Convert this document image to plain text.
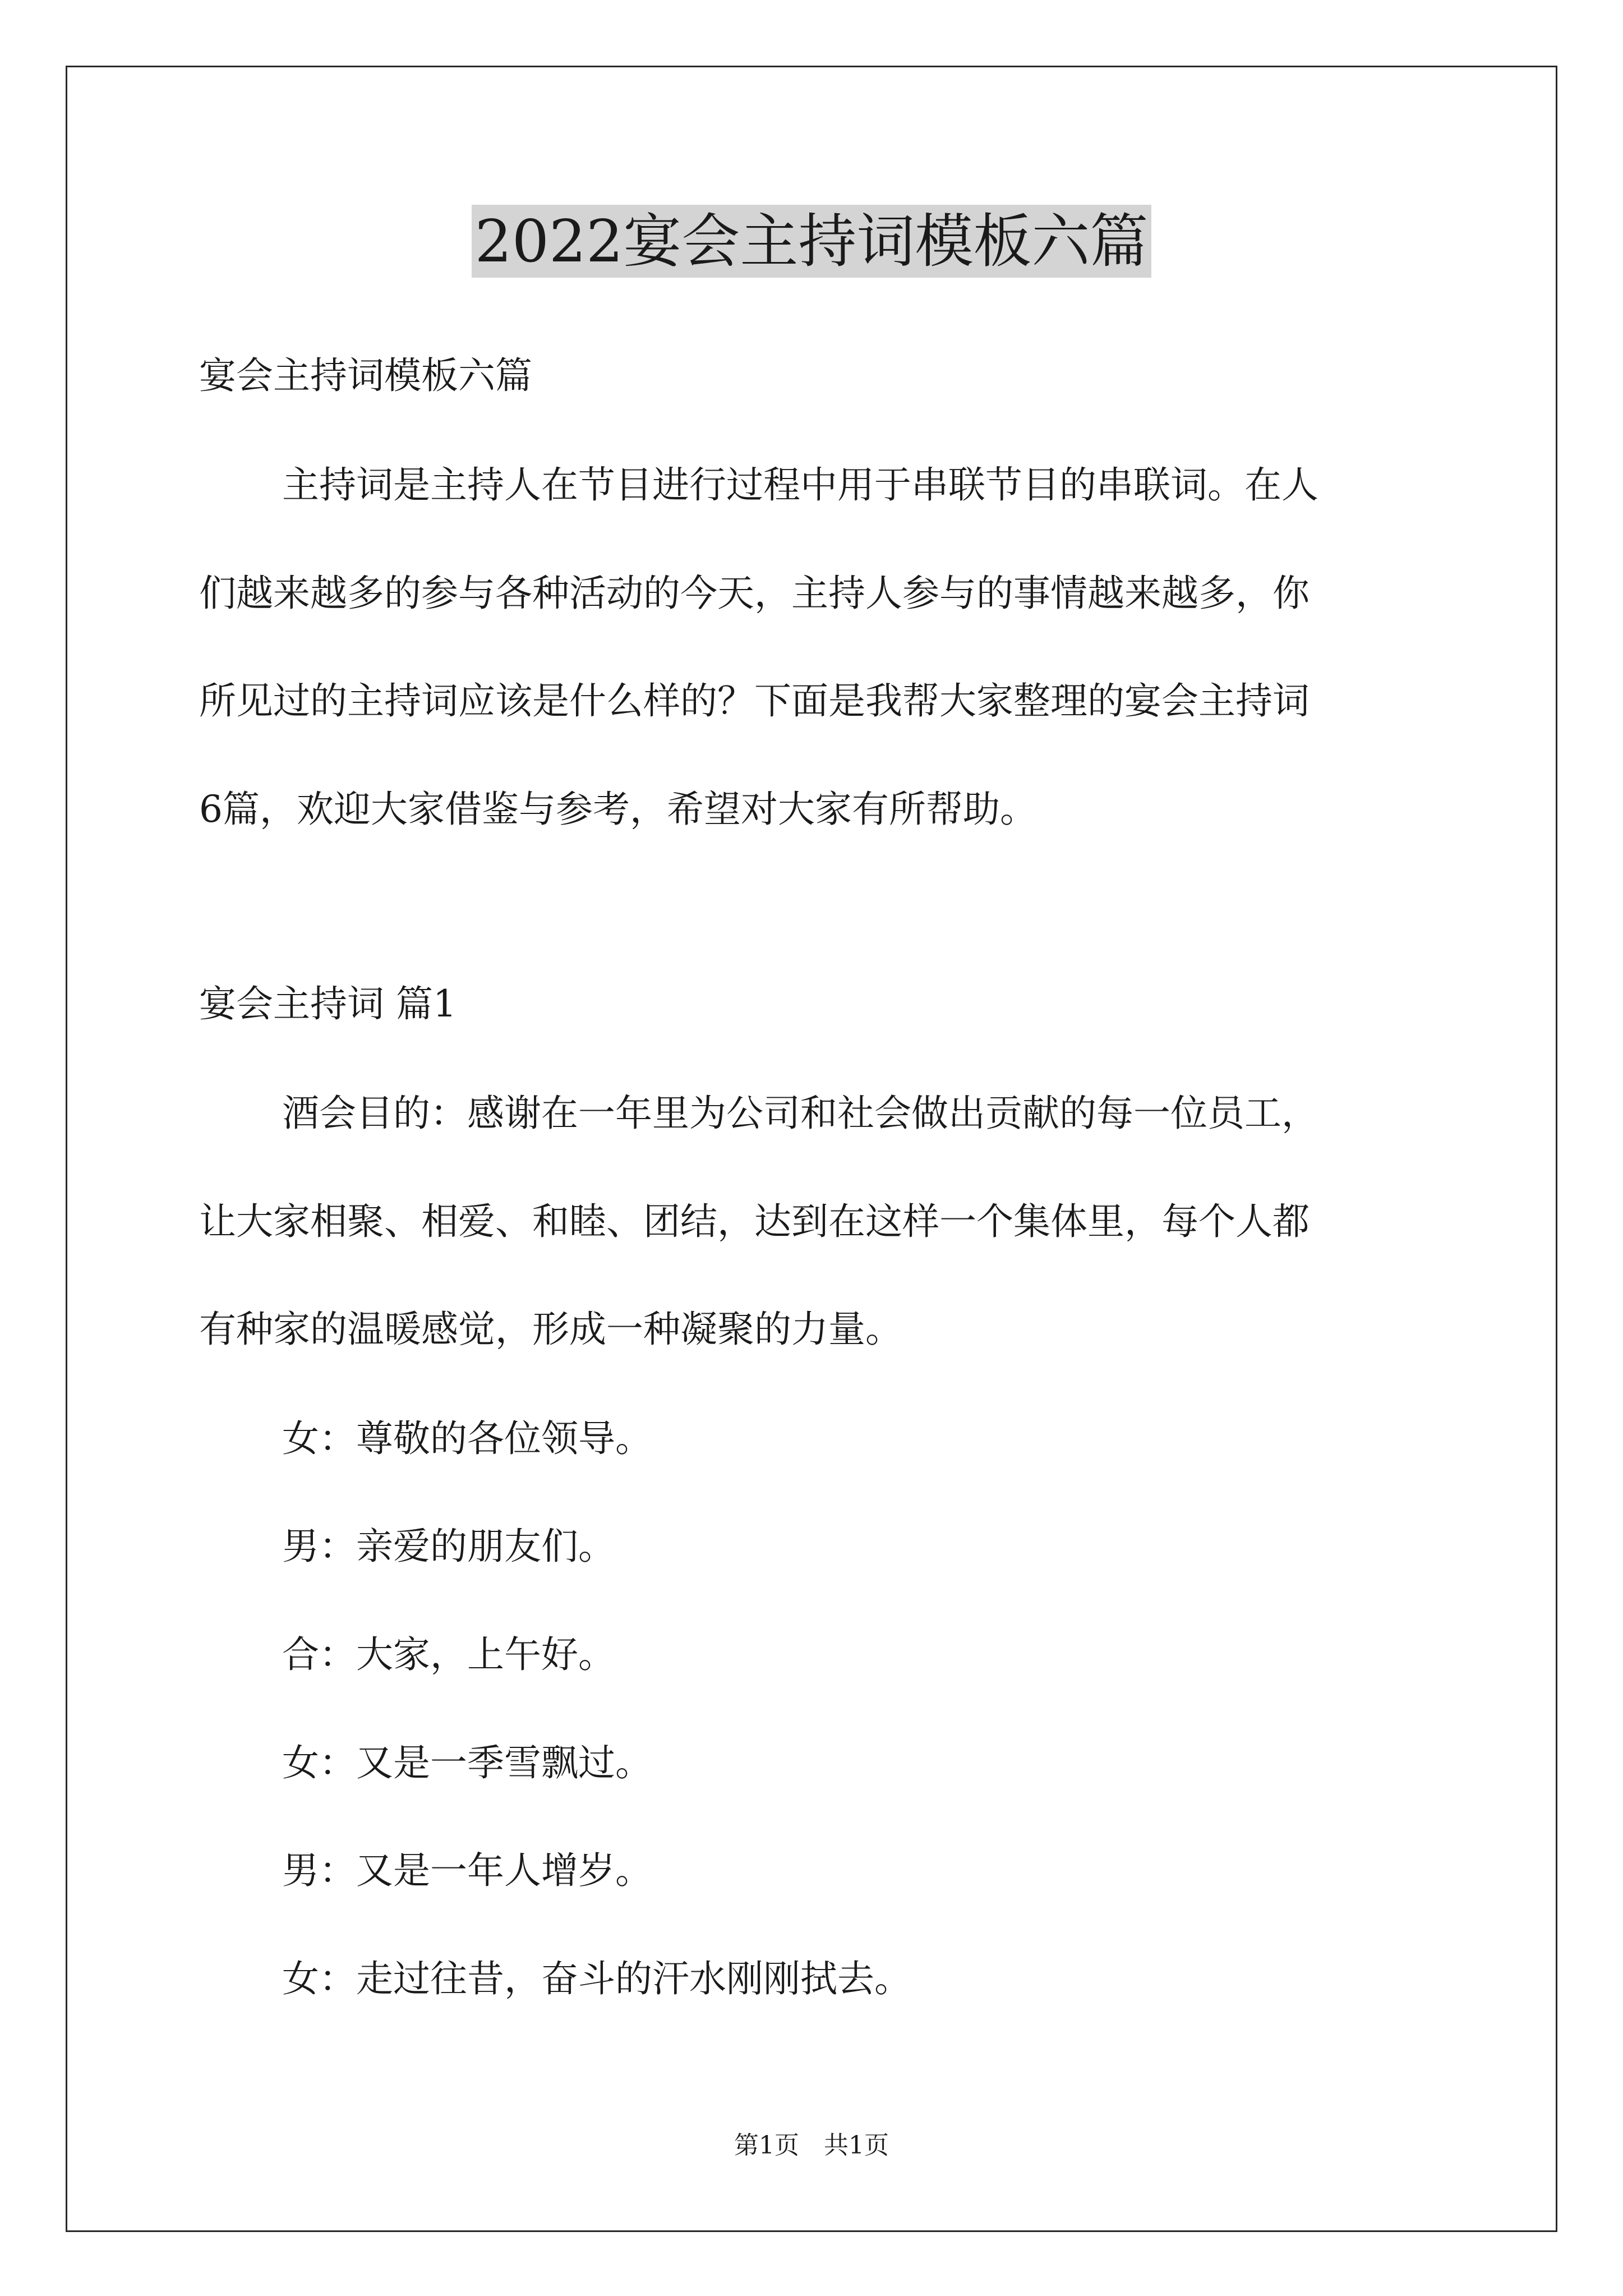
2022宴会主持词模板六篇

宴会主持词模板六篇

主持词是主持人在节目进行过程中用于串联节目的串联词。在人

们越来越多的参与各种活动的今天，主持人参与的事情越来越多，你

所见过的主持词应该是什么样的？下面是我帮大家整理的宴会主持词

6篇，欢迎大家借鉴与参考，希望对大家有所帮助。

宴会主持词 篇1

酒会目的：感谢在一年里为公司和社会做出贡献的每一位员工，

让大家相聚、相爱、和睦、团结，达到在这样一个集体里，每个人都

有种家的温暖感觉，形成一种凝聚的力量。

女：尊敬的各位领导。

男：亲爱的朋友们。

合：大家，上午好。

女：又是一季雪飘过。

男：又是一年人增岁。

女：走过往昔，奋斗的汗水刚刚拭去。

第1页　共1页
